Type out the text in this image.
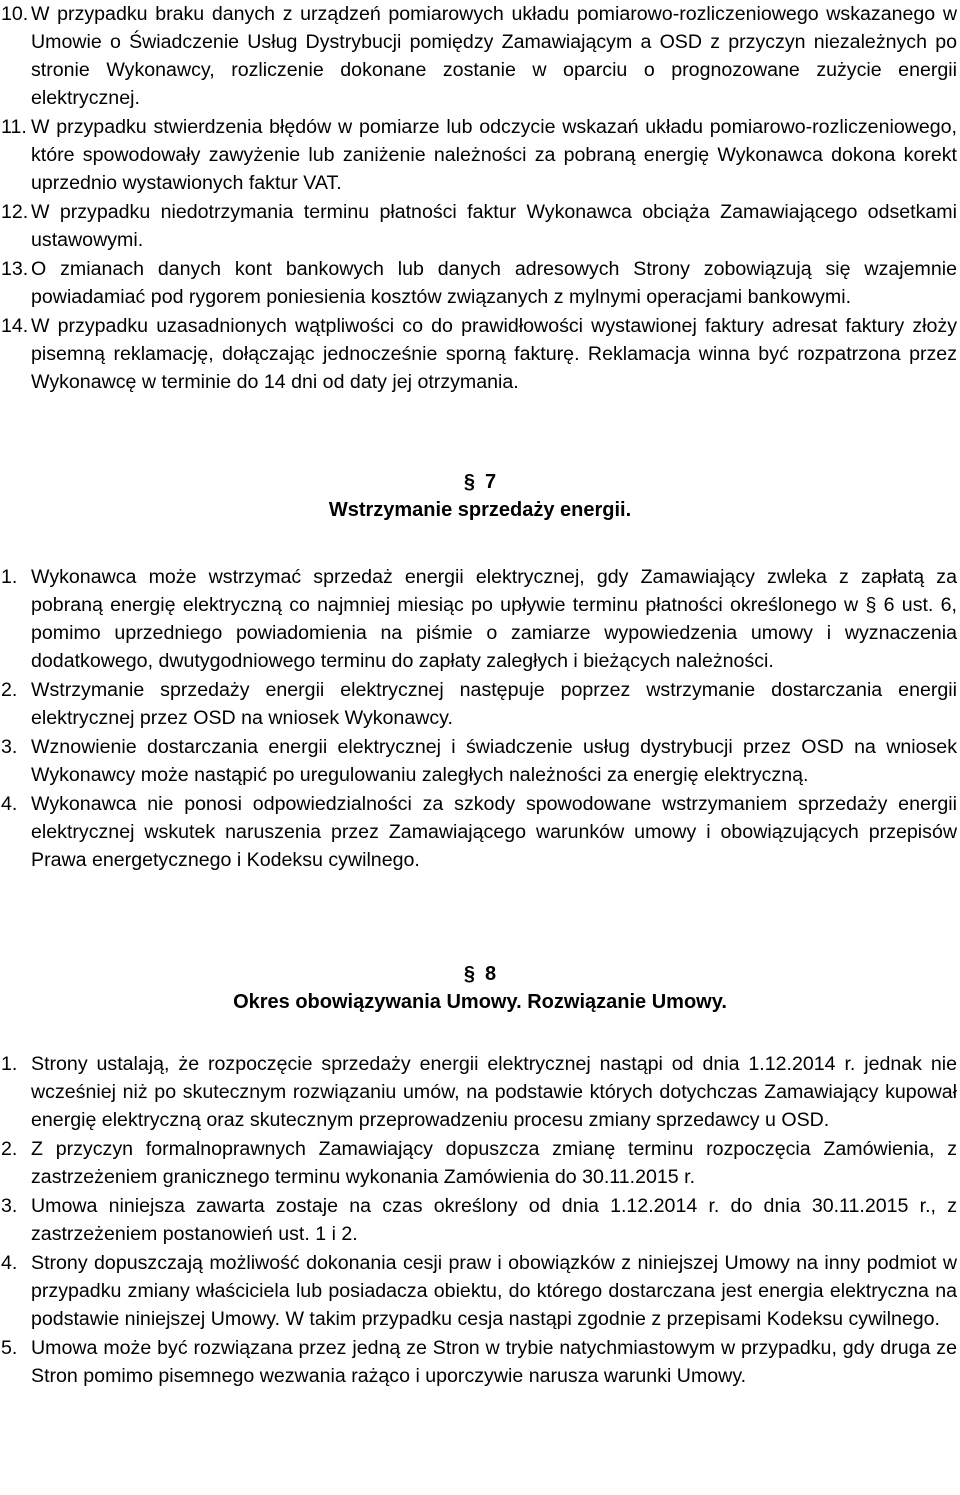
10. W przypadku braku danych z urządzeń pomiarowych układu pomiarowo-rozliczeniowego wskazanego w Umowie o Świadczenie Usług Dystrybucji pomiędzy Zamawiającym a OSD z przyczyn niezależnych po stronie Wykonawcy, rozliczenie dokonane zostanie w oparciu o prognozowane zużycie energii elektrycznej.
11. W przypadku stwierdzenia błędów w pomiarze lub odczycie wskazań układu pomiarowo-rozliczeniowego, które spowodowały zawyżenie lub zaniżenie należności za pobraną energię Wykonawca dokona korekt uprzednio wystawionych faktur VAT.
12. W przypadku niedotrzymania terminu płatności faktur Wykonawca obciąża Zamawiającego odsetkami ustawowymi.
13. O zmianach danych kont bankowych lub danych adresowych Strony zobowiązują się wzajemnie powiadamiać pod rygorem poniesienia kosztów związanych z mylnymi operacjami bankowymi.
14. W przypadku uzasadnionych wątpliwości co do prawidłowości wystawionej faktury adresat faktury złoży pisemną reklamację, dołączając jednocześnie sporną fakturę. Reklamacja winna być rozpatrzona przez Wykonawcę w terminie do 14 dni od daty jej otrzymania.
§ 7
Wstrzymanie sprzedaży energii.
1. Wykonawca może wstrzymać sprzedaż energii elektrycznej, gdy Zamawiający zwleka z zapłatą za pobraną energię elektryczną co najmniej miesiąc po upływie terminu płatności określonego w § 6 ust. 6, pomimo uprzedniego powiadomienia na piśmie o zamiarze wypowiedzenia umowy i wyznaczenia dodatkowego, dwutygodniowego terminu do zapłaty zaległych i bieżących należności.
2. Wstrzymanie sprzedaży energii elektrycznej następuje poprzez wstrzymanie dostarczania energii elektrycznej przez OSD na wniosek Wykonawcy.
3. Wznowienie dostarczania energii elektrycznej i świadczenie usług dystrybucji przez OSD na wniosek Wykonawcy może nastąpić po uregulowaniu zaległych należności za energię elektryczną.
4. Wykonawca nie ponosi odpowiedzialności za szkody spowodowane wstrzymaniem sprzedaży energii elektrycznej wskutek naruszenia przez Zamawiającego warunków umowy i obowiązujących przepisów Prawa energetycznego i Kodeksu cywilnego.
§ 8
Okres obowiązywania Umowy. Rozwiązanie Umowy.
1. Strony ustalają, że rozpoczęcie sprzedaży energii elektrycznej nastąpi od dnia 1.12.2014 r. jednak nie wcześniej niż po skutecznym rozwiązaniu umów, na podstawie których dotychczas Zamawiający kupował energię elektryczną oraz skutecznym przeprowadzeniu procesu zmiany sprzedawcy u OSD.
2. Z przyczyn formalnoprawnych Zamawiający dopuszcza zmianę terminu rozpoczęcia Zamówienia, z zastrzeżeniem granicznego terminu wykonania Zamówienia do 30.11.2015 r.
3. Umowa niniejsza zawarta zostaje na czas określony od dnia 1.12.2014 r. do dnia 30.11.2015 r., z zastrzeżeniem postanowień ust. 1 i 2.
4. Strony dopuszczają możliwość dokonania cesji praw i obowiązków z niniejszej Umowy na inny podmiot w przypadku zmiany właściciela lub posiadacza obiektu, do którego dostarczana jest energia elektryczna na podstawie niniejszej Umowy. W takim przypadku cesja nastąpi zgodnie z przepisami Kodeksu cywilnego.
5. Umowa może być rozwiązana przez jedną ze Stron w trybie natychmiastowym w przypadku, gdy druga ze Stron pomimo pisemnego wezwania rażąco i uporczywie narusza warunki Umowy.
